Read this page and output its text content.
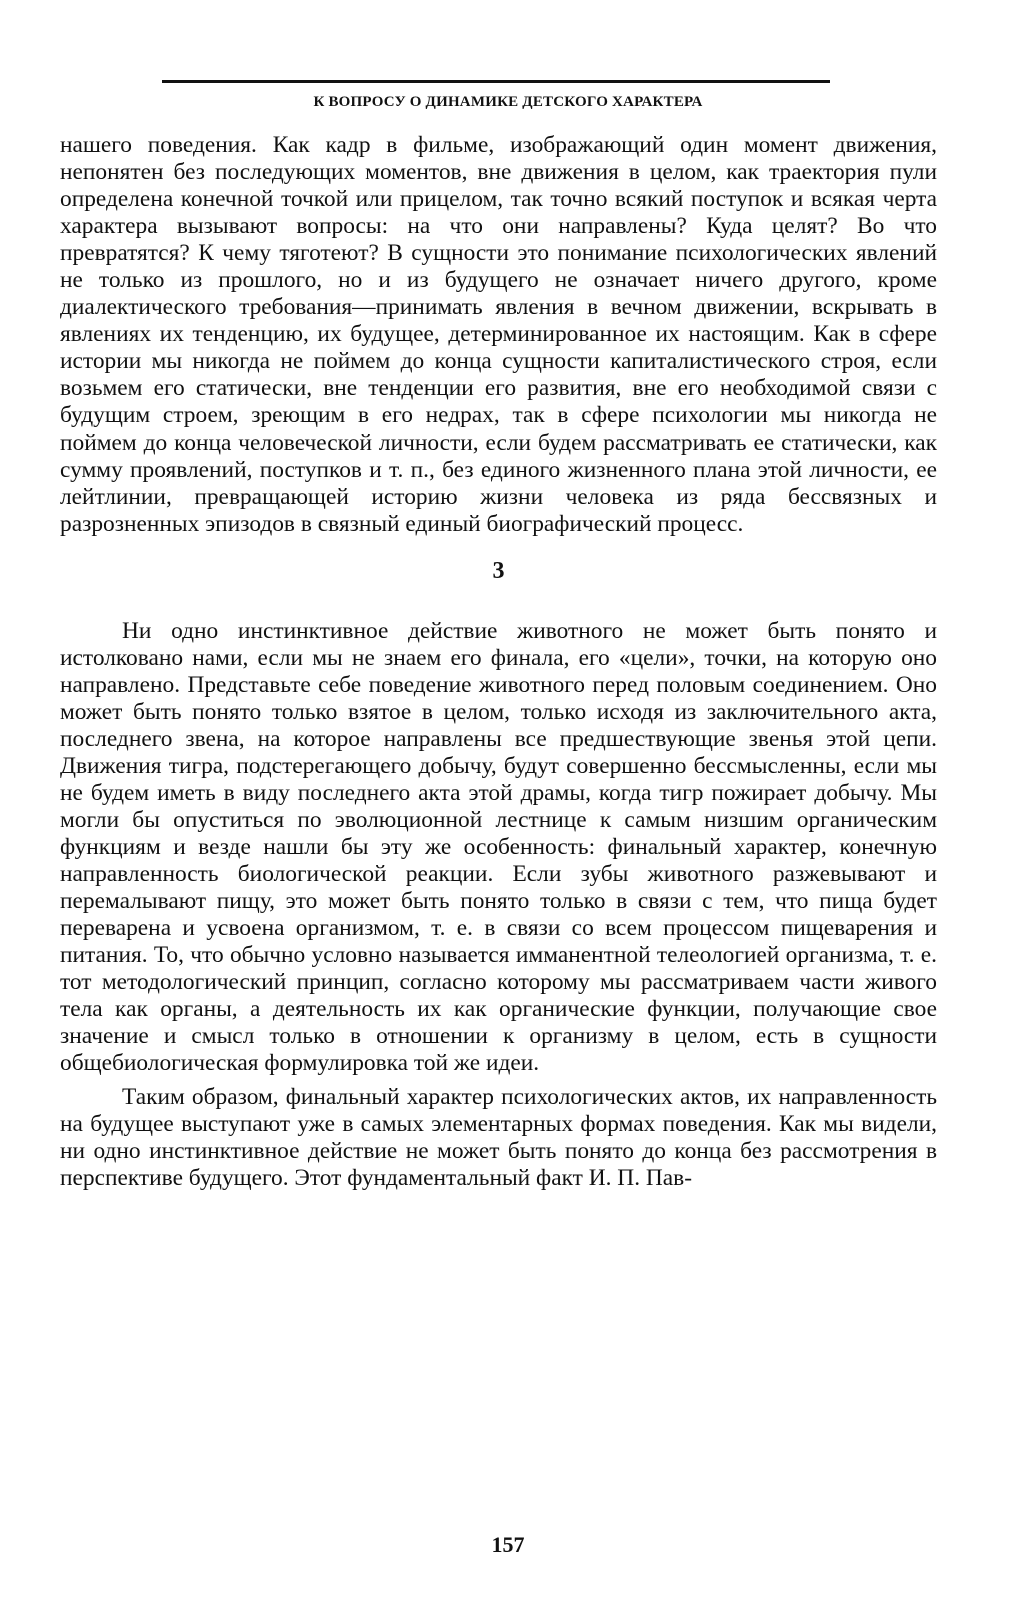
К ВОПРОСУ О ДИНАМИКЕ ДЕТСКОГО ХАРАКТЕРА

нашего поведения. Как кадр в фильме, изображающий один момент движения, непонятен без последующих моментов, вне движения в целом, как траектория пули определена конечной точкой или прицелом, так точно всякий поступок и всякая черта характера вызывают вопросы: на что они направлены? Куда целят? Во что превратятся? К чему тяготеют? В сущности это понимание психологических явлений не только из прошлого, но и из будущего не означает ничего другого, кроме диалектического требования—принимать явления в вечном движении, вскрывать в явлениях их тенденцию, их будущее, детерминированное их настоящим. Как в сфере истории мы никогда не поймем до конца сущности капиталистического строя, если возьмем его статически, вне тенденции его развития, вне его необходимой связи с будущим строем, зреющим в его недрах, так в сфере психологии мы никогда не поймем до конца человеческой личности, если будем рассматривать ее статически, как сумму проявлений, поступков и т. п., без единого жизненного плана этой личности, ее лейтлинии, превращающей историю жизни человека из ряда бессвязных и разрозненных эпизодов в связный единый биографический процесс.

3

Ни одно инстинктивное действие животного не может быть понято и истолковано нами, если мы не знаем его финала, его «цели», точки, на которую оно направлено. Представьте себе поведение животного перед половым соединением. Оно может быть понято только взятое в целом, только исходя из заключительного акта, последнего звена, на которое направлены все предшествующие звенья этой цепи. Движения тигра, подстерегающего добычу, будут совершенно бессмысленны, если мы не будем иметь в виду последнего акта этой драмы, когда тигр пожирает добычу. Мы могли бы опуститься по эволюционной лестнице к самым низшим органическим функциям и везде нашли бы эту же особенность: финальный характер, конечную направленность биологической реакции. Если зубы животного разжевывают и перемалывают пищу, это может быть понято только в связи с тем, что пища будет переварена и усвоена организмом, т. е. в связи со всем процессом пищеварения и питания. То, что обычно условно называется имманентной телеологией организма, т. е. тот методологический принцип, согласно которому мы рассматриваем части живого тела как органы, а деятельность их как органические функции, получающие свое значение и смысл только в отношении к организму в целом, есть в сущности общебиологическая формулировка той же идеи.

Таким образом, финальный характер психологических актов, их направленность на будущее выступают уже в самых элементарных формах поведения. Как мы видели, ни одно инстинктивное действие не может быть понято до конца без рассмотрения в перспективе будущего. Этот фундаментальный факт И. П. Пав-

157
